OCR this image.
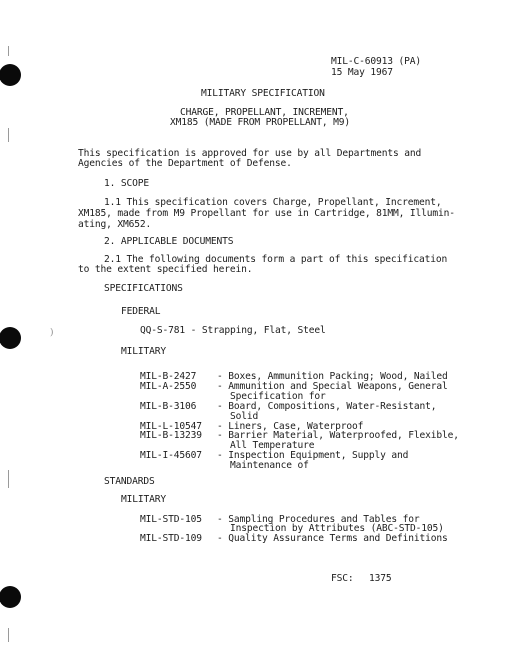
)
MIL-C-60913 (PA)
15 May 1967
MILITARY SPECIFICATION
CHARGE, PROPELLANT, INCREMENT,
XM185 (MADE FROM PROPELLANT, M9)
This specification is approved for use by all Departments and
Agencies of the Department of Defense.
1. SCOPE
1.1 This specification covers Charge, Propellant, Increment,
XM185, made from M9 Propellant for use in Cartridge, 81MM, Illumin-
ating, XM652.
2. APPLICABLE DOCUMENTS
2.1 The following documents form a part of this specification
to the extent specified herein.
SPECIFICATIONS
FEDERAL
QQ-S-781 - Strapping, Flat, Steel
MILITARY
MIL-B-2427 - Boxes, Ammunition Packing; Wood, Nailed
MIL-A-2550 - Ammunition and Special Weapons, General
Specification for
MIL-B-3106 - Board, Compositions, Water-Resistant,
Solid
MIL-L-10547 - Liners, Case, Waterproof
MIL-B-13239 - Barrier Material, Waterproofed, Flexible,
All Temperature
MIL-I-45607 - Inspection Equipment, Supply and
Maintenance of
STANDARDS
MILITARY
MIL-STD-105 - Sampling Procedures and Tables for
Inspection by Attributes (ABC-STD-105)
MIL-STD-109 - Quality Assurance Terms and Definitions
FSC: 1375
